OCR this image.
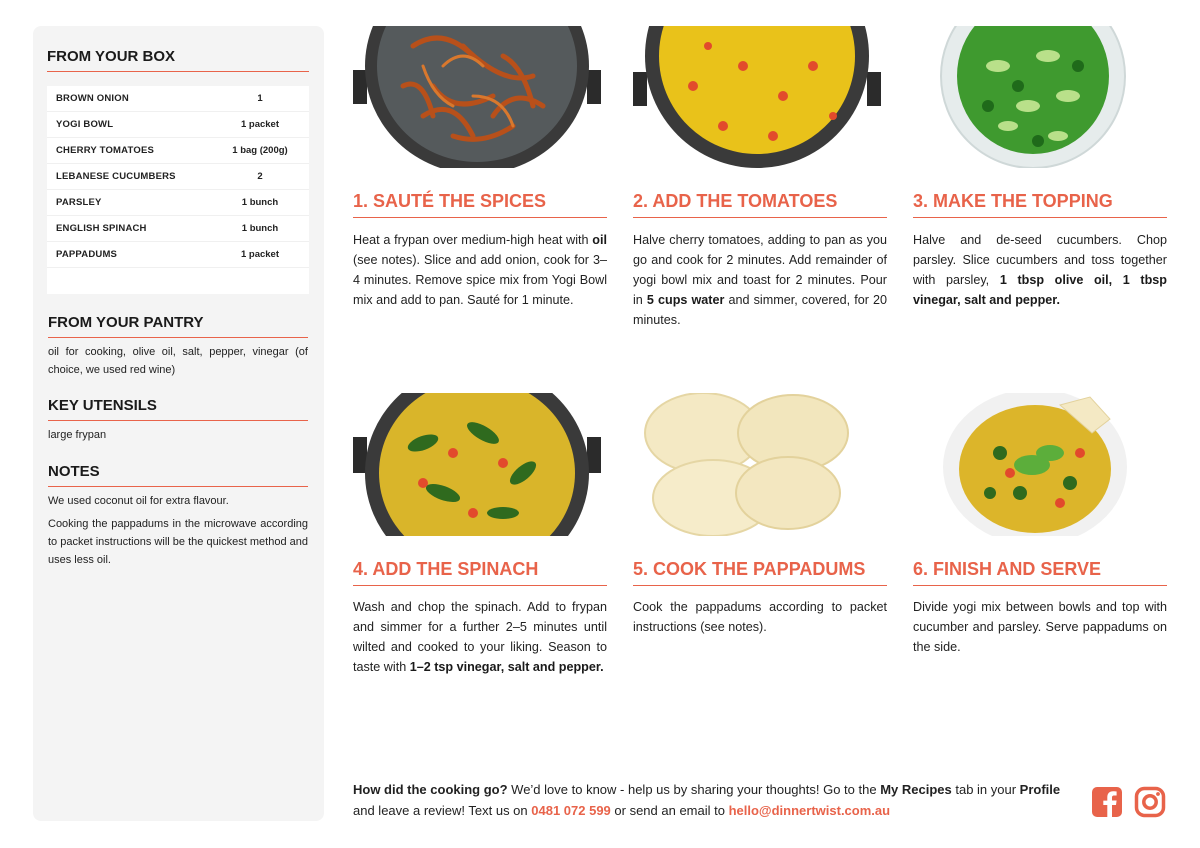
FROM YOUR BOX
BROWN ONION	1
YOGI BOWL	1 packet
CHERRY TOMATOES	1 bag (200g)
LEBANESE CUCUMBERS	2
PARSLEY	1 bunch
ENGLISH SPINACH	1 bunch
PAPPADUMS	1 packet
FROM YOUR PANTRY

oil for cooking, olive oil, salt, pepper, vinegar (of choice, we used red wine)

KEY UTENSILS

large frypan

NOTES

We used coconut oil for extra flavour.

Cooking the pappadums in the microwave according to packet instructions will be the quickest method and uses less oil.

1. SAUTÉ THE SPICES
Heat a frypan over medium-high heat with oil (see notes). Slice and add onion, cook for 3–4 minutes. Remove spice mix from Yogi Bowl mix and add to pan. Sauté for 1 minute.
2. ADD THE TOMATOES
Halve cherry tomatoes, adding to pan as you go and cook for 2 minutes. Add remainder of yogi bowl mix and toast for 2 minutes. Pour in 5 cups water and simmer, covered, for 20 minutes.
3. MAKE THE TOPPING
Halve and de-seed cucumbers. Chop parsley. Slice cucumbers and toss together with parsley, 1 tbsp olive oil, 1 tbsp vinegar, salt and pepper.
4. ADD THE SPINACH
Wash and chop the spinach. Add to frypan and simmer for a further 2–5 minutes until wilted and cooked to your liking. Season to taste with 1–2 tsp vinegar, salt and pepper.
5. COOK THE PAPPADUMS
Cook the pappadums according to packet instructions (see notes).
6. FINISH AND SERVE
Divide yogi mix between bowls and top with cucumber and parsley. Serve pappadums on the side.
How did the cooking go? We’d love to know - help us by sharing your thoughts! Go to the My Recipes tab in your Profile and leave a review! Text us on 0481 072 599 or send an email to hello@dinnertwist.com.au
